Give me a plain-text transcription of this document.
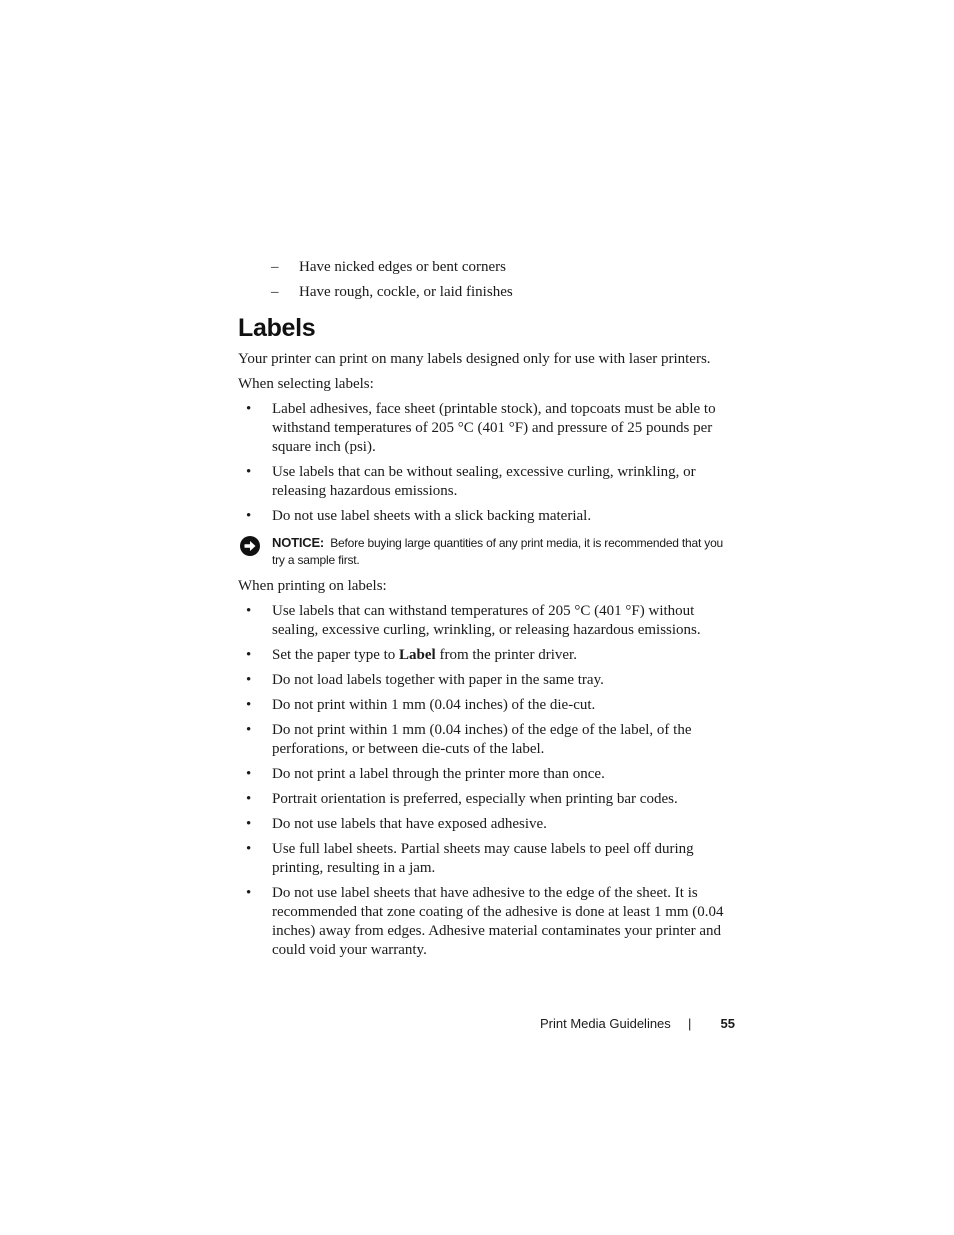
– Have nicked edges or bent corners
– Have rough, cockle, or laid finishes
Labels

Your printer can print on many labels designed only for use with laser printers.

When selecting labels:

• Label adhesives, face sheet (printable stock), and topcoats must be able to withstand temperatures of 205 °C (401 °F) and pressure of 25 pounds per square inch (psi).
• Use labels that can be without sealing, excessive curling, wrinkling, or releasing hazardous emissions.
• Do not use label sheets with a slick backing material.
NOTICE: Before buying large quantities of any print media, it is recommended that you try a sample first.

When printing on labels:

• Use labels that can withstand temperatures of 205 °C (401 °F) without sealing, excessive curling, wrinkling, or releasing hazardous emissions.
• Set the paper type to Label from the printer driver.
• Do not load labels together with paper in the same tray.
• Do not print within 1 mm (0.04 inches) of the die-cut.
• Do not print within 1 mm (0.04 inches) of the edge of the label, of the perforations, or between die-cuts of the label.
• Do not print a label through the printer more than once.
• Portrait orientation is preferred, especially when printing bar codes.
• Do not use labels that have exposed adhesive.
• Use full label sheets. Partial sheets may cause labels to peel off during printing, resulting in a jam.
• Do not use label sheets that have adhesive to the edge of the sheet. It is recommended that zone coating of the adhesive is done at least 1 mm (0.04 inches) away from edges. Adhesive material contaminates your printer and could void your warranty.
Print Media Guidelines | 55
